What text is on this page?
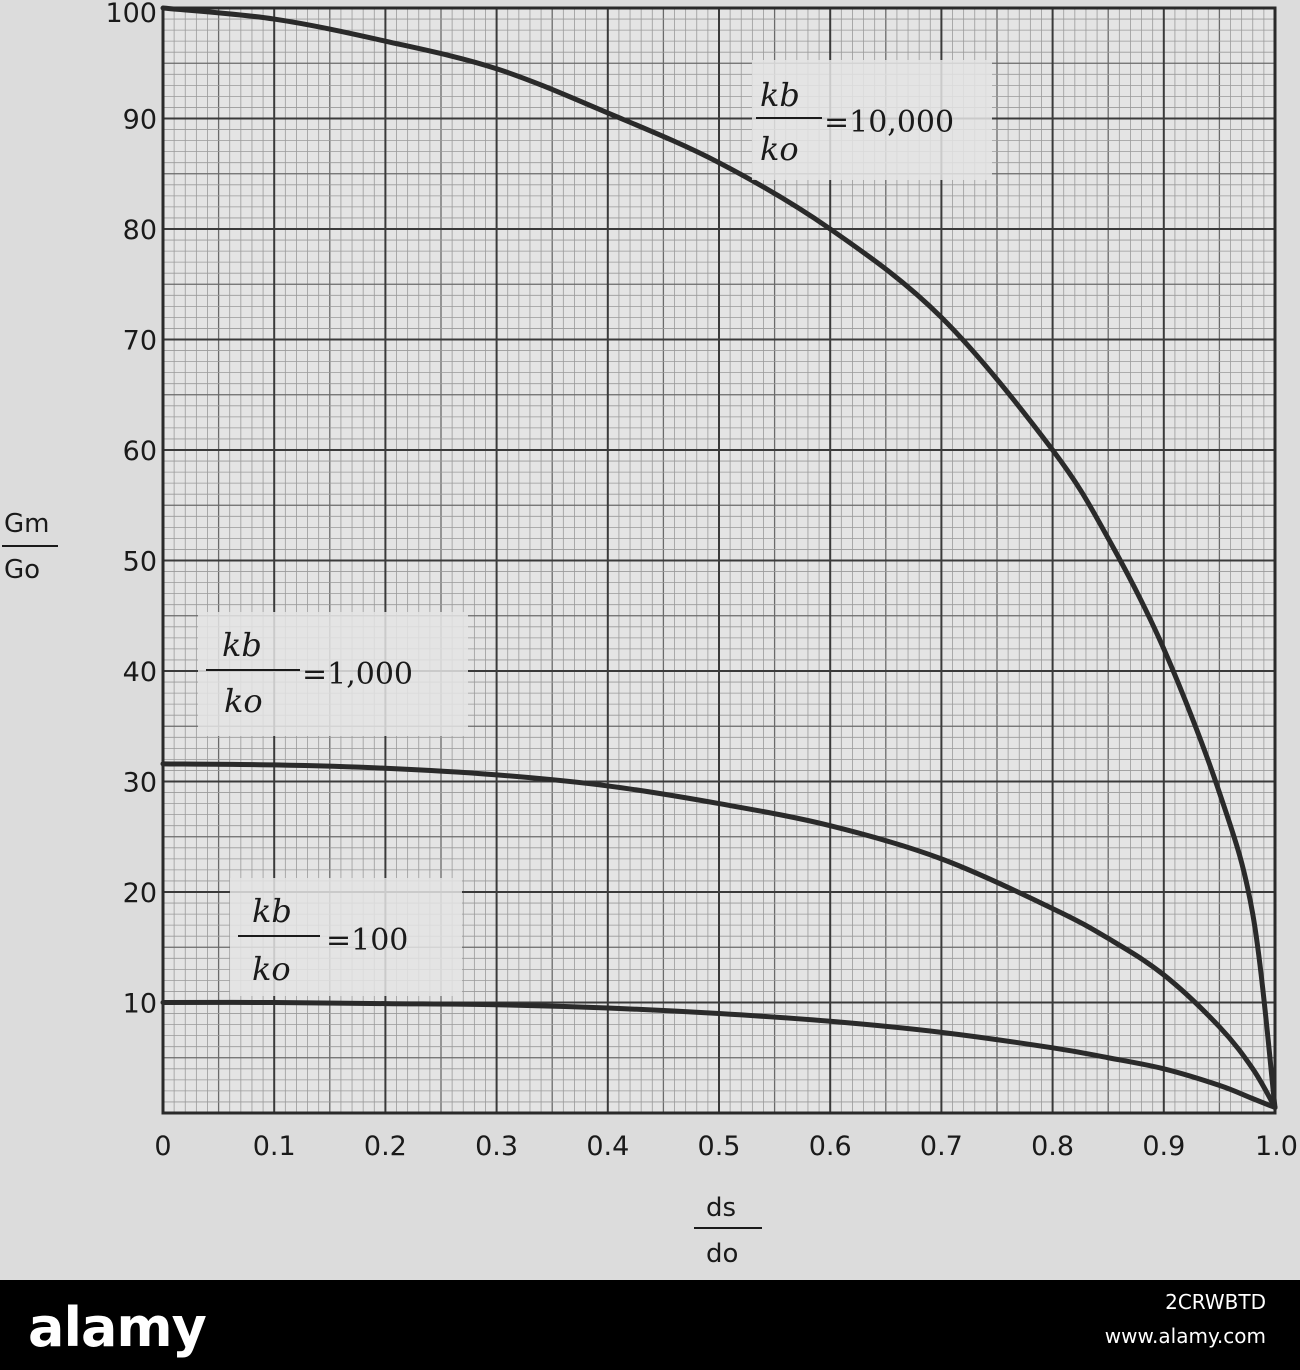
0	0.1	0.2	0.3	0.4	0.5	0.6	0.7	0.8	0.9	1.0
10
20
30
40
50
60
70
80
90
100
Gm
Go
ds
do
kb
ko
=10,000
kb
ko
=1,000
kb
ko
=100
alamy	2CRWBTD
www.alamy.com
